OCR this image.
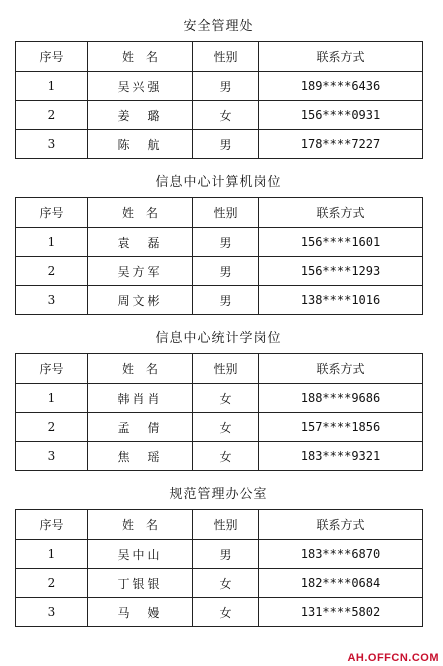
安全管理处
序号	姓　名	性别	联系方式
1	吴兴强	男	189****6436
2	姜　璐	女	156****0931
3	陈　航	男	178****7227
信息中心计算机岗位
序号	姓　名	性别	联系方式
1	袁　磊	男	156****1601
2	吴方军	男	156****1293
3	周文彬	男	138****1016
信息中心统计学岗位
序号	姓　名	性别	联系方式
1	韩肖肖	女	188****9686
2	孟　倩	女	157****1856
3	焦　瑶	女	183****9321
规范管理办公室
序号	姓　名	性别	联系方式
1	吴中山	男	183****6870
2	丁银银	女	182****0684
3	马　嫚	女	131****5802
AH.OFFCN.COM
